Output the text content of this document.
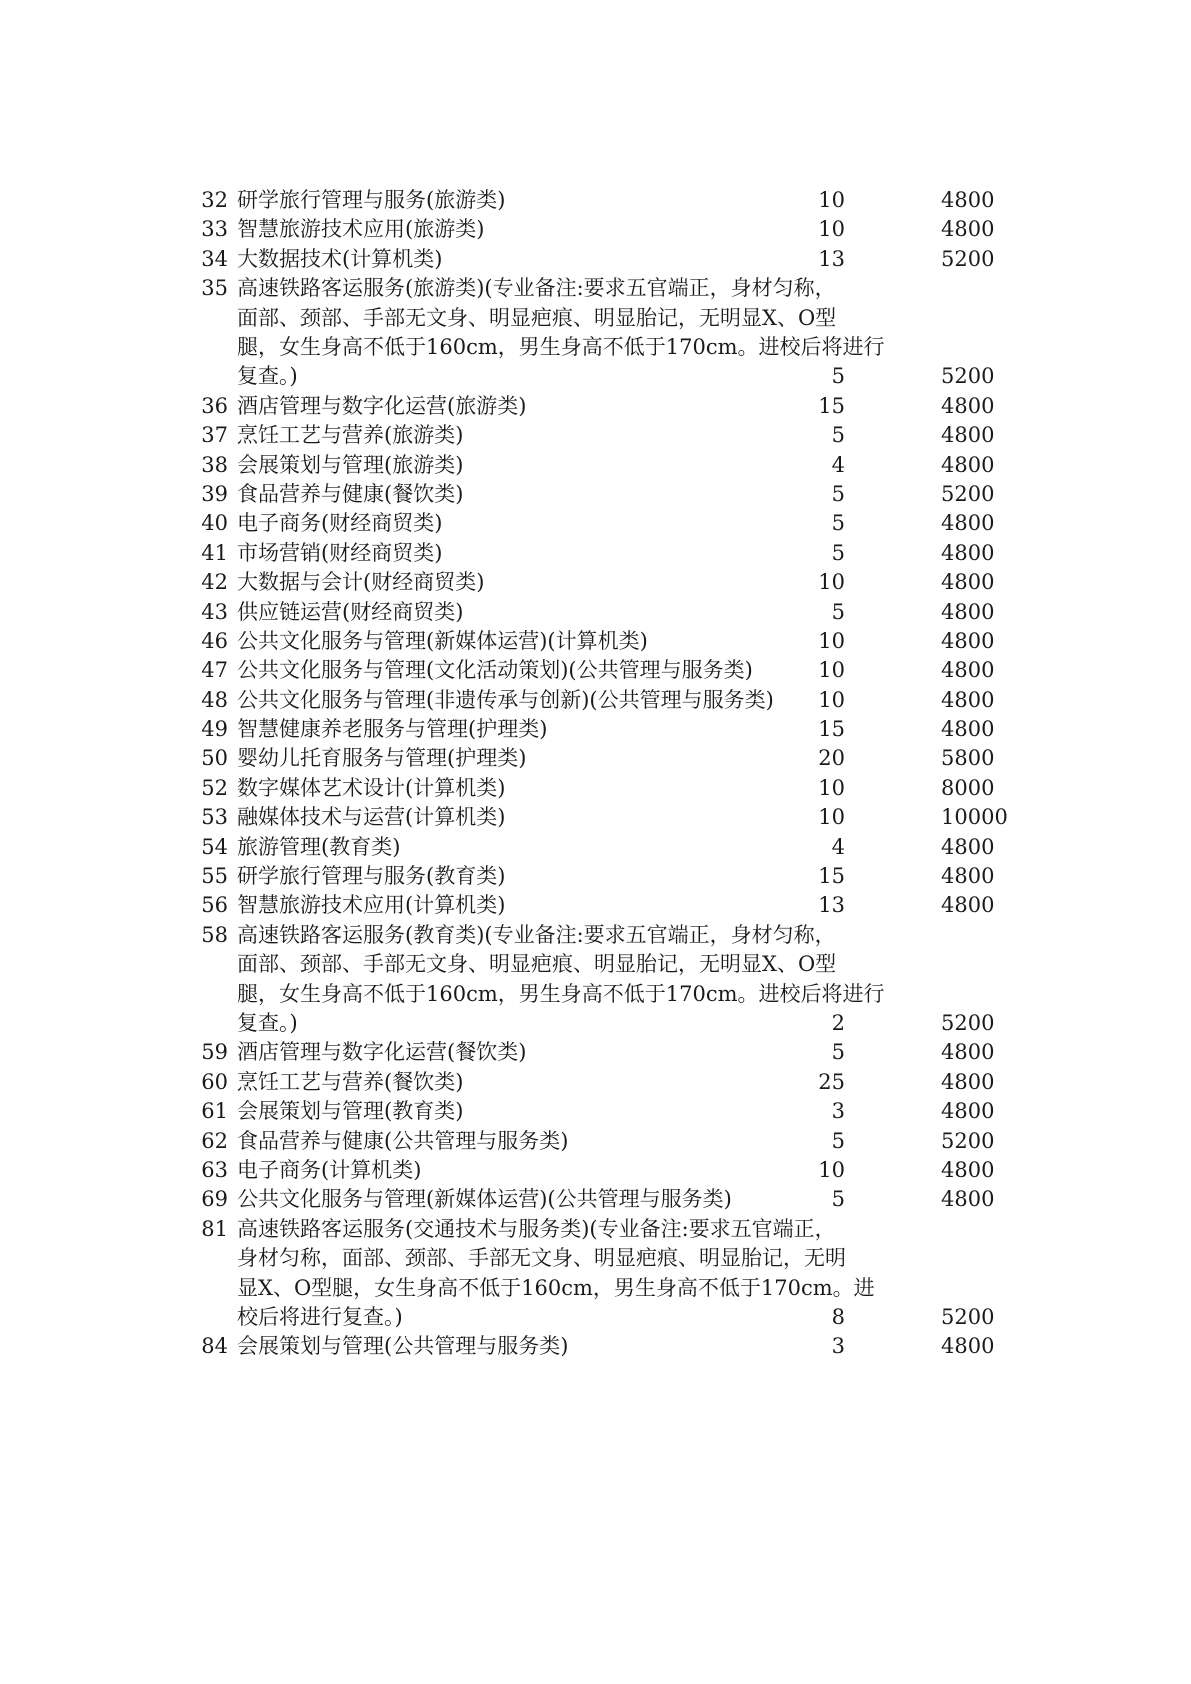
32 研学旅行管理与服务(旅游类)	10	4800
33 智慧旅游技术应用(旅游类)	10	4800
34 大数据技术(计算机类)	13	5200
35 高速铁路客运服务(旅游类)(专业备注:要求五官端正，身材匀称，
面部、颈部、手部无文身、明显疤痕、明显胎记，无明显X、O型
腿，女生身高不低于160cm，男生身高不低于170cm。进校后将进行
复查。)	5	5200
36 酒店管理与数字化运营(旅游类)	15	4800
37 烹饪工艺与营养(旅游类)	5	4800
38 会展策划与管理(旅游类)	4	4800
39 食品营养与健康(餐饮类)	5	5200
40 电子商务(财经商贸类)	5	4800
41 市场营销(财经商贸类)	5	4800
42 大数据与会计(财经商贸类)	10	4800
43 供应链运营(财经商贸类)	5	4800
46 公共文化服务与管理(新媒体运营)(计算机类)	10	4800
47 公共文化服务与管理(文化活动策划)(公共管理与服务类)	10	4800
48 公共文化服务与管理(非遗传承与创新)(公共管理与服务类)	10	4800
49 智慧健康养老服务与管理(护理类)	15	4800
50 婴幼儿托育服务与管理(护理类)	20	5800
52 数字媒体艺术设计(计算机类)	10	8000
53 融媒体技术与运营(计算机类)	10	10000
54 旅游管理(教育类)	4	4800
55 研学旅行管理与服务(教育类)	15	4800
56 智慧旅游技术应用(计算机类)	13	4800
58 高速铁路客运服务(教育类)(专业备注:要求五官端正，身材匀称，
面部、颈部、手部无文身、明显疤痕、明显胎记，无明显X、O型
腿，女生身高不低于160cm，男生身高不低于170cm。进校后将进行
复查。)	2	5200
59 酒店管理与数字化运营(餐饮类)	5	4800
60 烹饪工艺与营养(餐饮类)	25	4800
61 会展策划与管理(教育类)	3	4800
62 食品营养与健康(公共管理与服务类)	5	5200
63 电子商务(计算机类)	10	4800
69 公共文化服务与管理(新媒体运营)(公共管理与服务类)	5	4800
81 高速铁路客运服务(交通技术与服务类)(专业备注:要求五官端正，
身材匀称，面部、颈部、手部无文身、明显疤痕、明显胎记，无明
显X、O型腿，女生身高不低于160cm，男生身高不低于170cm。进
校后将进行复查。)	8	5200
84 会展策划与管理(公共管理与服务类)	3	4800
